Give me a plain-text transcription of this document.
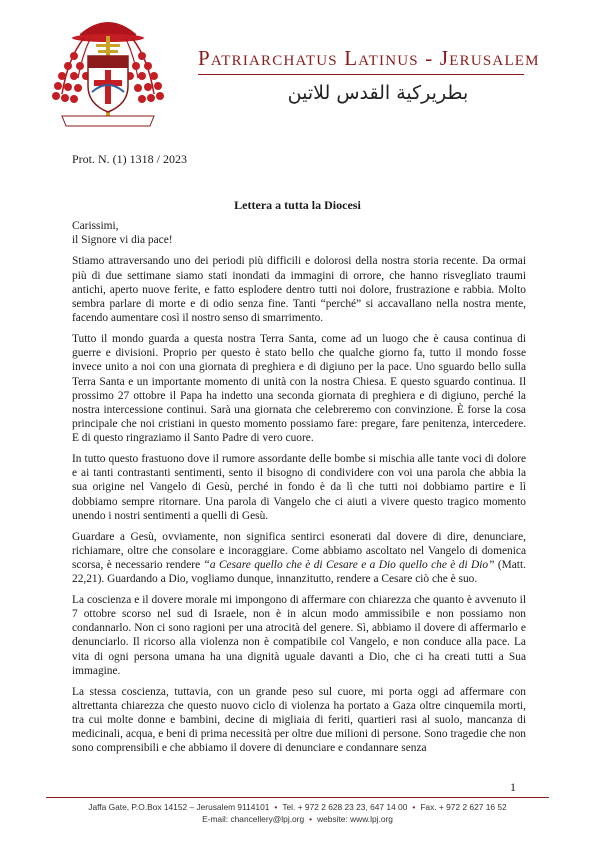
Patriarchatus Latinus - Jerusalem
بطريركية القدس للاتين
Prot. N. (1) 1318 / 2023
Lettera a tutta la Diocesi

Carissimi,
il Signore vi dia pace!

Stiamo attraversando uno dei periodi più difficili e dolorosi della nostra storia recente. Da ormai più di due settimane siamo stati inondati da immagini di orrore, che hanno risvegliato traumi antichi, aperto nuove ferite, e fatto esplodere dentro tutti noi dolore, frustrazione e rabbia. Molto sembra parlare di morte e di odio senza fine. Tanti “perché” si accavallano nella nostra mente, facendo aumentare così il nostro senso di smarrimento.

Tutto il mondo guarda a questa nostra Terra Santa, come ad un luogo che è causa continua di guerre e divisioni. Proprio per questo è stato bello che qualche giorno fa, tutto il mondo fosse invece unito a noi con una giornata di preghiera e di digiuno per la pace. Uno sguardo bello sulla Terra Santa e un importante momento di unità con la nostra Chiesa. E questo sguardo continua. Il prossimo 27 ottobre il Papa ha indetto una seconda giornata di preghiera e di digiuno, perché la nostra intercessione continui. Sarà una giornata che celebreremo con convinzione. È forse la cosa principale che noi cristiani in questo momento possiamo fare: pregare, fare penitenza, intercedere. E di questo ringraziamo il Santo Padre di vero cuore.

In tutto questo frastuono dove il rumore assordante delle bombe si mischia alle tante voci di dolore e ai tanti contrastanti sentimenti, sento il bisogno di condividere con voi una parola che abbia la sua origine nel Vangelo di Gesù, perché in fondo è da lì che tutti noi dobbiamo partire e lì dobbiamo sempre ritornare. Una parola di Vangelo che ci aiuti a vivere questo tragico momento unendo i nostri sentimenti a quelli di Gesù.

Guardare a Gesù, ovviamente, non significa sentirci esonerati dal dovere di dire, denunciare, richiamare, oltre che consolare e incoraggiare. Come abbiamo ascoltato nel Vangelo di domenica scorsa, è necessario rendere “a Cesare quello che è di Cesare e a Dio quello che è di Dio” (Matt. 22,21). Guardando a Dio, vogliamo dunque, innanzitutto, rendere a Cesare ciò che è suo.

La coscienza e il dovere morale mi impongono di affermare con chiarezza che quanto è avvenuto il 7 ottobre scorso nel sud di Israele, non è in alcun modo ammissibile e non possiamo non condannarlo. Non ci sono ragioni per una atrocità del genere. Sì, abbiamo il dovere di affermarlo e denunciarlo. Il ricorso alla violenza non è compatibile col Vangelo, e non conduce alla pace. La vita di ogni persona umana ha una dignità uguale davanti a Dio, che ci ha creati tutti a Sua immagine.

La stessa coscienza, tuttavia, con un grande peso sul cuore, mi porta oggi ad affermare con altrettanta chiarezza che questo nuovo ciclo di violenza ha portato a Gaza oltre cinquemila morti, tra cui molte donne e bambini, decine di migliaia di feriti, quartieri rasi al suolo, mancanza di medicinali, acqua, e beni di prima necessità per oltre due milioni di persone. Sono tragedie che non sono comprensibili e che abbiamo il dovere di denunciare e condannare senza

1
Jaffa Gate, P.O.Box 14152 – Jerusalem 9114101 • Tel. + 972 2 628 23 23, 647 14 00 • Fax. + 972 2 627 16 52
E-mail: chancellery@lpj.org • website: www.lpj.org
